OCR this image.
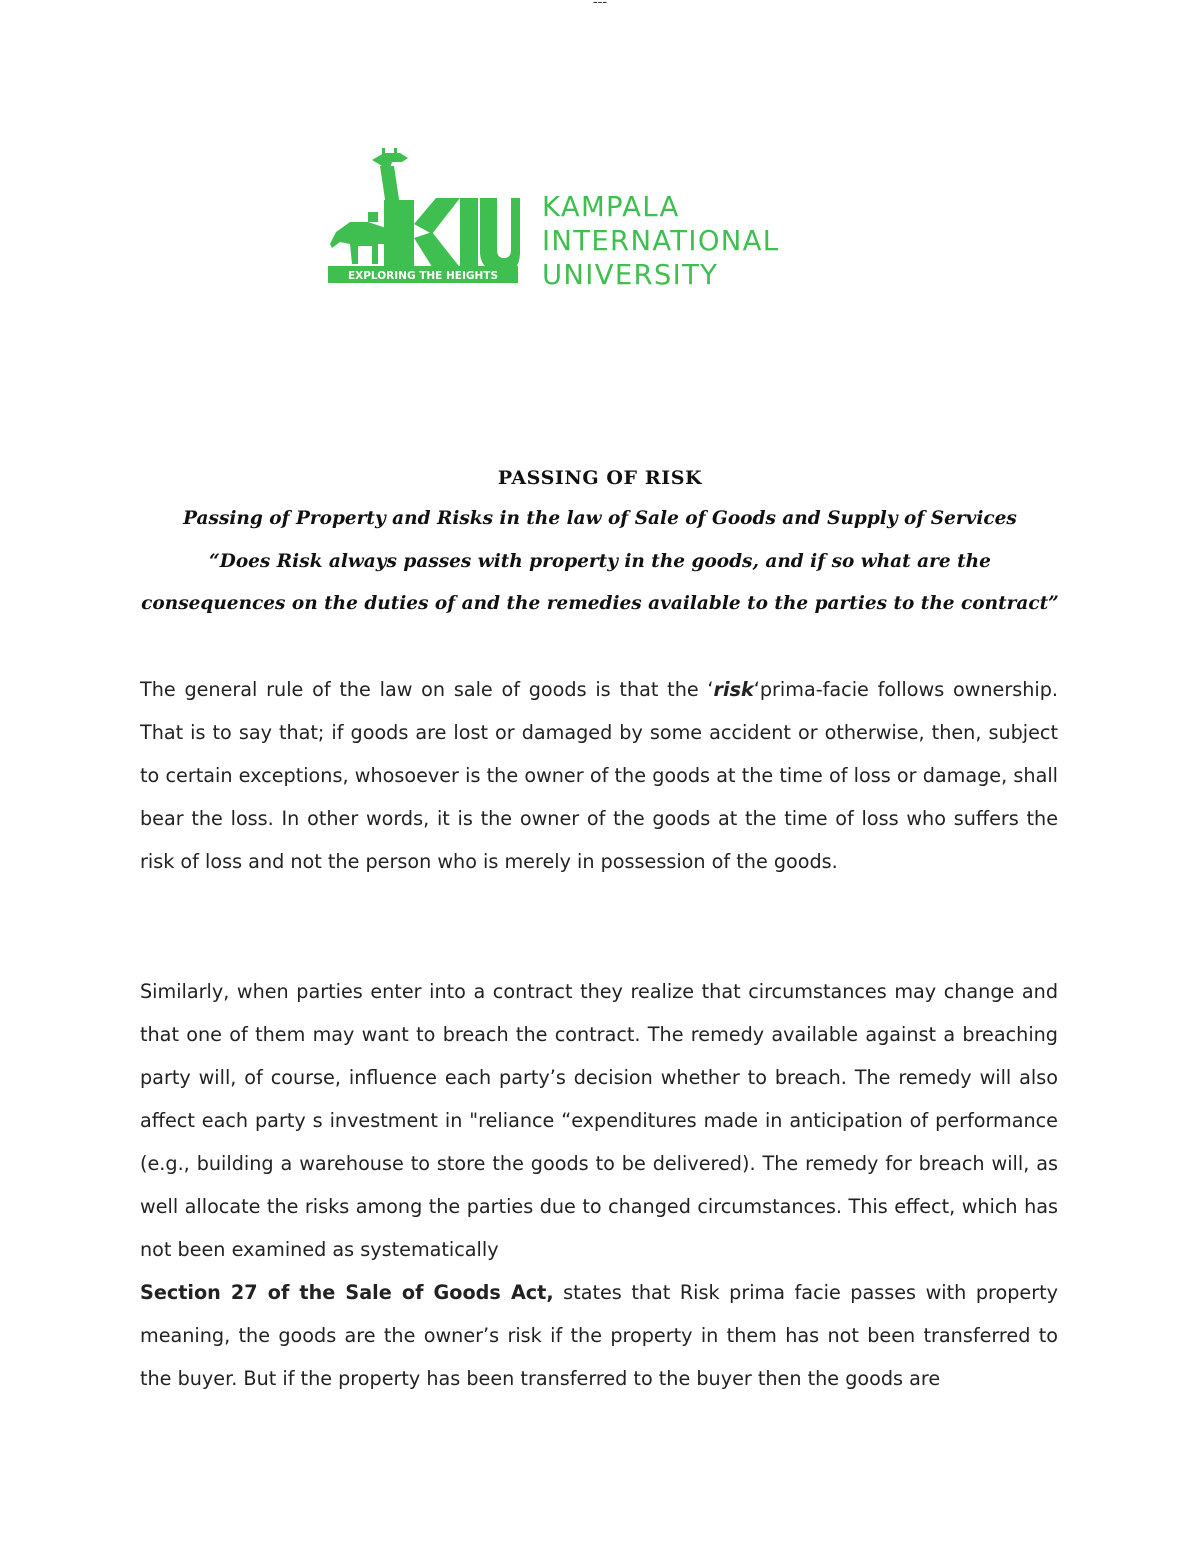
---
EXPLORING THE HEIGHTS
KAMPALA
INTERNATIONAL
UNIVERSITY
PASSING OF RISK
Passing of Property and Risks in the law of Sale of Goods and Supply of Services
“Does Risk always passes with property in the goods, and if so what are the
consequences on the duties of and the remedies available to the parties to the contract”

The general rule of the law on sale of goods is that the ‘risk‘prima-facie follows ownership. That is to say that; if goods are lost or damaged by some accident or otherwise, then, subject to certain exceptions, whosoever is the owner of the goods at the time of loss or damage, shall bear the loss. In other words, it is the owner of the goods at the time of loss who suffers the risk of loss and not the person who is merely in possession of the goods.

Similarly, when parties enter into a contract they realize that circumstances may change and that one of them may want to breach the contract. The remedy available against a breaching party will, of course, influence each party’s decision whether to breach. The remedy will also affect each party s investment in "reliance “expenditures made in anticipation of performance (e.g., building a warehouse to store the goods to be delivered). The remedy for breach will, as well allocate the risks among the parties due to changed circumstances. This effect, which has not been examined as systematically
Section 27 of the Sale of Goods Act, states that Risk prima facie passes with property meaning, the goods are the owner’s risk if the property in them has not been transferred to the buyer. But if the property has been transferred to the buyer then the goods are
